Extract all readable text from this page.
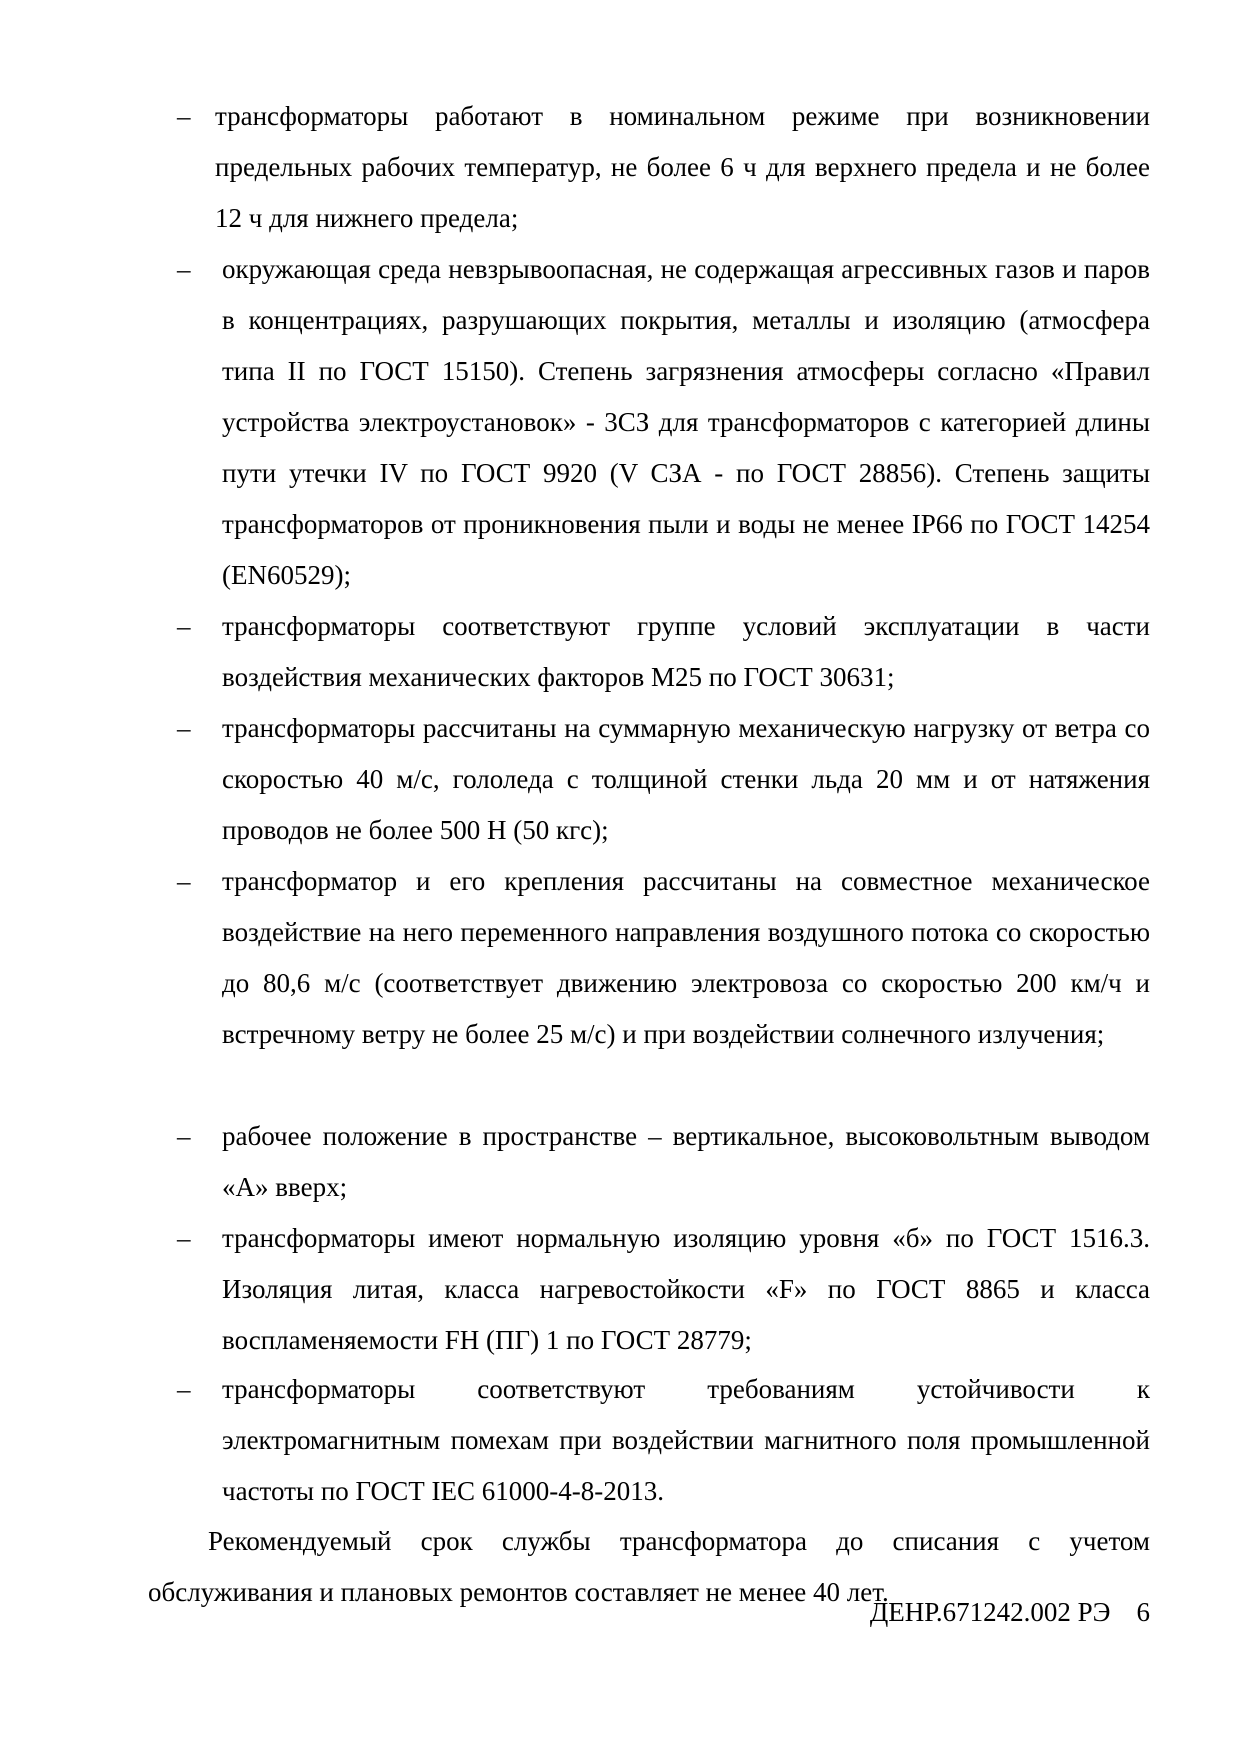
– трансформаторы работают в номинальном режиме при возникновении предельных рабочих температур, не более 6 ч для верхнего предела и не более 12 ч для нижнего предела;
– окружающая среда невзрывоопасная, не содержащая агрессивных газов и паров в концентрациях, разрушающих покрытия, металлы и изоляцию (атмосфера типа II по ГОСТ 15150). Степень загрязнения атмосферы согласно «Правил устройства электроустановок» - 3СЗ для трансформаторов с категорией длины пути утечки IV по ГОСТ 9920 (V СЗА - по ГОСТ 28856). Степень защиты трансформаторов от проникновения пыли и воды не менее IP66 по ГОСТ 14254 (EN60529);
– трансформаторы соответствуют группе условий эксплуатации в части воздействия механических факторов М25 по ГОСТ 30631;
– трансформаторы рассчитаны на суммарную механическую нагрузку от ветра со скоростью 40 м/с, гололеда с толщиной стенки льда 20 мм и от натяжения проводов не более 500 Н (50 кгс);
– трансформатор и его крепления рассчитаны на совместное механическое воздействие на него переменного направления воздушного потока со скоростью до 80,6 м/с (соответствует движению электровоза со скоростью 200 км/ч и встречному ветру не более 25 м/с) и при воздействии солнечного излучения;
– рабочее положение в пространстве – вертикальное, высоковольтным выводом «А» вверх;
– трансформаторы имеют нормальную изоляцию уровня «б» по ГОСТ 1516.3. Изоляция литая, класса нагревостойкости «F» по ГОСТ 8865 и класса воспламеняемости FH (ПГ) 1 по ГОСТ 28779;
– трансформаторы соответствуют требованиям устойчивости к электромагнитным помехам при воздействии магнитного поля промышленной частоты по ГОСТ IEC 61000-4-8-2013.
Рекомендуемый срок службы трансформатора до списания с учетом обслуживания и плановых ремонтов составляет не менее 40 лет.
ДЕНР.671242.002 РЭ 6
